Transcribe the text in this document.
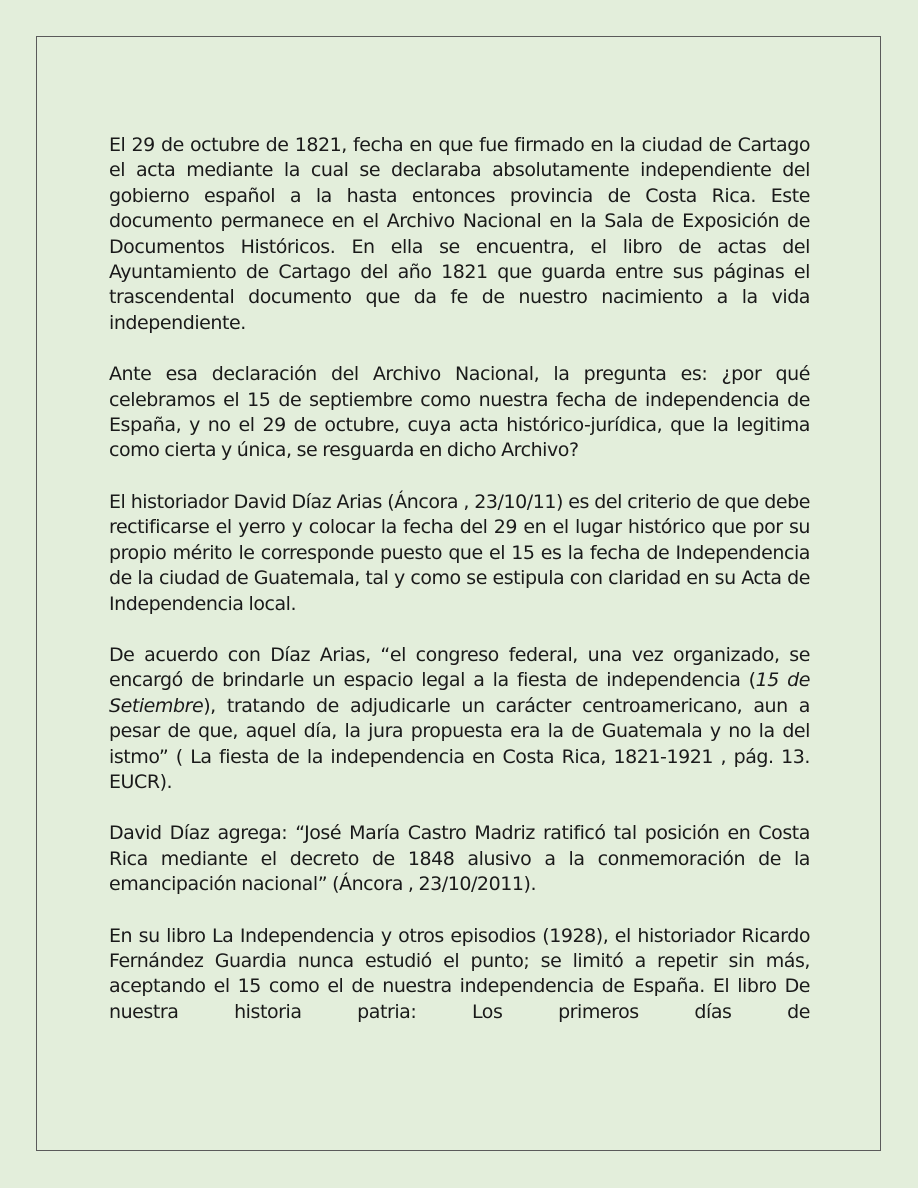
El 29 de octubre de 1821, fecha en que fue firmado en la ciudad de Cartago el acta mediante la cual se declaraba absolutamente independiente del gobierno español a la hasta entonces provincia de Costa Rica. Este documento permanece en el Archivo Nacional en la Sala de Exposición de Documentos Históricos. En ella se encuentra, el libro de actas del Ayuntamiento de Cartago del año 1821 que guarda entre sus páginas el trascendental documento que da fe de nuestro nacimiento a la vida independiente.

Ante esa declaración del Archivo Nacional, la pregunta es: ¿por qué celebramos el 15 de septiembre como nuestra fecha de independencia de España, y no el 29 de octubre, cuya acta histórico-jurídica, que la legitima como cierta y única, se resguarda en dicho Archivo?

El historiador David Díaz Arias (Áncora , 23/10/11) es del criterio de que debe rectificarse el yerro y colocar la fecha del 29 en el lugar histórico que por su propio mérito le corresponde puesto que el 15 es la fecha de Independencia de la ciudad de Guatemala, tal y como se estipula con claridad en su Acta de Independencia local.

De acuerdo con Díaz Arias, “el congreso federal, una vez organizado, se encargó de brindarle un espacio legal a la fiesta de independencia (15 de Setiembre), tratando de adjudicarle un carácter centroamericano, aun a pesar de que, aquel día, la jura propuesta era la de Guatemala y no la del istmo” ( La fiesta de la independencia en Costa Rica, 1821-1921 , pág. 13. EUCR).

David Díaz agrega: “José María Castro Madriz ratificó tal posición en Costa Rica mediante el decreto de 1848 alusivo a la conmemoración de la emancipación nacional” (Áncora , 23/10/2011).

En su libro La Independencia y otros episodios (1928), el historiador Ricardo Fernández Guardia nunca estudió el punto; se limitó a repetir sin más, aceptando el 15 como el de nuestra independencia de España. El libro De nuestra historia patria: Los primeros días de
